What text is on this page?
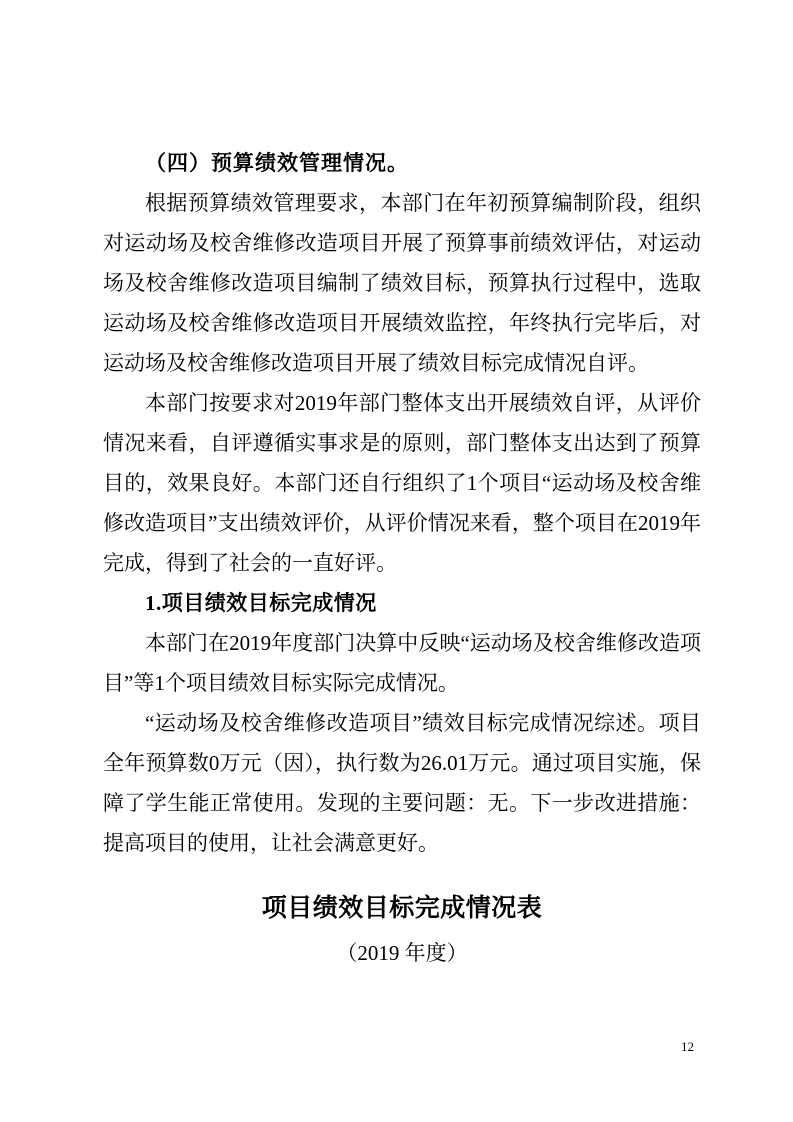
（四）预算绩效管理情况。

根据预算绩效管理要求，本部门在年初预算编制阶段，组织对运动场及校舍维修改造项目开展了预算事前绩效评估，对运动场及校舍维修改造项目编制了绩效目标，预算执行过程中，选取运动场及校舍维修改造项目开展绩效监控，年终执行完毕后，对运动场及校舍维修改造项目开展了绩效目标完成情况自评。

本部门按要求对2019年部门整体支出开展绩效自评，从评价情况来看，自评遵循实事求是的原则，部门整体支出达到了预算目的，效果良好。本部门还自行组织了1个项目“运动场及校舍维修改造项目”支出绩效评价，从评价情况来看，整个项目在2019年完成，得到了社会的一直好评。

1.项目绩效目标完成情况

本部门在2019年度部门决算中反映“运动场及校舍维修改造项目”等1个项目绩效目标实际完成情况。

“运动场及校舍维修改造项目”绩效目标完成情况综述。项目全年预算数0万元（因），执行数为26.01万元。通过项目实施，保障了学生能正常使用。发现的主要问题：无。下一步改进措施：提高项目的使用，让社会满意更好。

项目绩效目标完成情况表

（2019 年度）

12
